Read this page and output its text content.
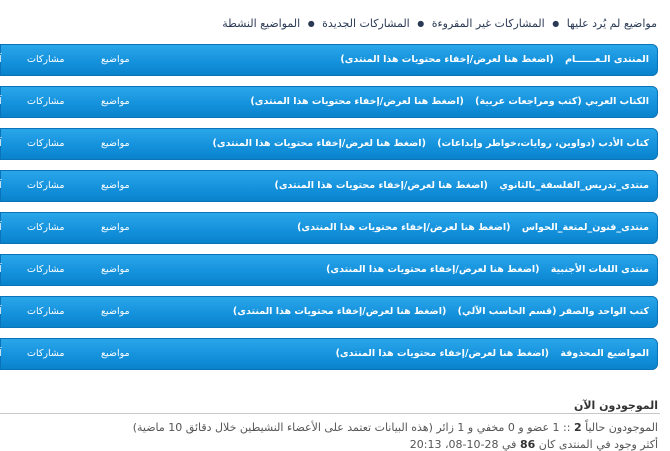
مواضيع لم يُرد عليها ● المشاركات غير المقروءة ● المشاركات الجديدة ● المواضيع النشطة
المنتدى الـعــــــام (اضغط هنا لعرض/إخفاء محتويات هذا المنتدى)
مواضيع
مشاركات
آ
الكتاب العربي (كتب ومراجعات عربية) (اضغط هنا لعرض/إخفاء محتويات هذا المنتدى)
مواضيع
مشاركات
آ
كتاب الأدب (دواوين، روايات،خواطر وإبداعات) (اضغط هنا لعرض/إخفاء محتويات هذا المنتدى)
مواضيع
مشاركات
آ
منتدى_تدريس_الفلسفة_بالثانوي (اضغط هنا لعرض/إخفاء محتويات هذا المنتدى)
مواضيع
مشاركات
آ
منتدى_فنون_لمتعة_الحواس (اضغط هنا لعرض/إخفاء محتويات هذا المنتدى)
مواضيع
مشاركات
آ
منتدى اللغات الأجنبية (اضغط هنا لعرض/إخفاء محتويات هذا المنتدى)
مواضيع
مشاركات
آ
كتب الواحد والصفر (قسم الحاسب الآلي) (اضغط هنا لعرض/إخفاء محتويات هذا المنتدى)
مواضيع
مشاركات
آ
المواضيع المحذوفة (اضغط هنا لعرض/إخفاء محتويات هذا المنتدى)
مواضيع
مشاركات
آ
الموجودون الآن
الموجودون حالياً 2 :: 1 عضو و 0 مخفي و 1 زائر (هذه البيانات تعتمد على الأعضاء النشيطين خلال دقائق 10 ماضية)
أكثر وجود في المنتدى كان 86 في 28-10-08، 20:13
